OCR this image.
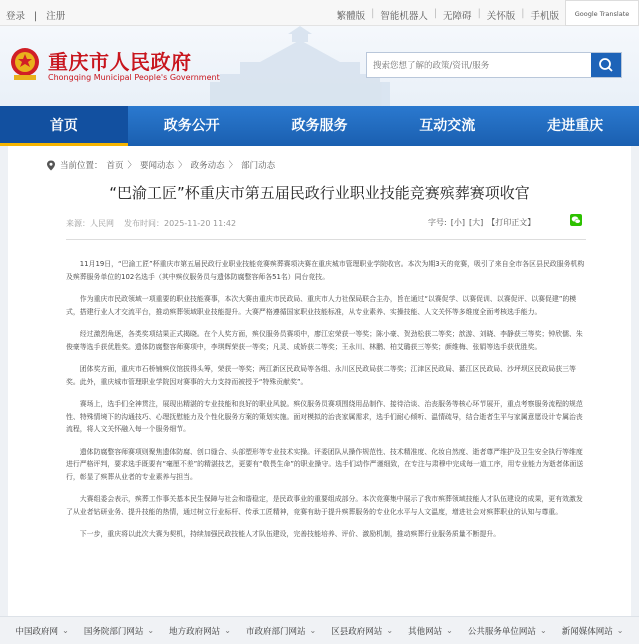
登录 | 注册	繁體版 | 智能机器人 | 无障碍 | 关怀版 | 手机版	Google Translate
重庆市人民政府
Chongqing Municipal People's Government
搜索您想了解的政策/资讯/服务
首页	政务公开	政务服务	互动交流	走进重庆
当前位置： 首页 〉 要闻动态 〉 政务动态 〉 部门动态
“巴渝工匠”杯重庆市第五届民政行业职业技能竞赛殡葬赛项收官
来源：人民网 发布时间：2025-11-20 11:42	字号: [小] [大] 【打印正文】

11月19日，“巴渝工匠”杯重庆市第五届民政行业职业技能竞赛殡葬赛项决赛在重庆城市管理职业学院收官。本次为期3天的竞赛，吸引了来自全市各区县民政服务机构及殡葬服务单位的102名选手（其中殡仪服务员与遗体防腐整容师各51名）同台竞技。

作为重庆市民政领域一项重要的职业技能赛事，本次大赛由重庆市民政局、重庆市人力社保局联合主办，旨在通过“以赛促学、以赛促训、以赛促评、以赛促建”的模式，搭建行业人才交流平台，推动殡葬领域职业技能提升。大赛严格遵循国家职业技能标准，从专业素养、实操技能、人文关怀等多维度全面考核选手能力。

经过激烈角逐，各类奖项结果正式揭晓。在个人奖方面，殡仪服务员赛项中，廖江宏荣获一等奖；陈小豪、贺劲松获二等奖；歆游、刘晓、李静获三等奖；钟欣儒、朱俊豪等选手获优胜奖。遗体防腐整容师赛项中，李琪辉荣获一等奖；凡灵、成娇获二等奖；王永川、林鹏、柏艾璐获三等奖；颜维梅、张娟等选手获优胜奖。

团体奖方面，重庆市石桥铺殡仪馆拔得头筹，荣获一等奖；两江新区民政局等各组、永川区民政局获二等奖；江津区民政局、綦江区民政局、沙坪坝区民政局获三等奖。此外，重庆城市管理职业学院因对赛事的大力支持而被授予“特殊贡献奖”。

赛场上，选手们全神贯注，展现出精湛的专业技能和良好的职业风貌。殡仪服务员赛项围绕用品制作、接待洽谈、治丧服务等核心环节展开，重点考察服务流程的规范性、特殊情境下的沟通技巧、心理抚慰能力及个性化服务方案的策划实施。面对模拟的治丧家属需求，选手们耐心倾听、温情疏导，结合逝者生平与家属意愿设计专属治丧流程，将人文关怀融入每一个服务细节。

遗体防腐整容师赛项则聚焦遗体防腐、创口缝合、头部塑形等专业技术实操。评委团队从操作规范性、技术精准度、化妆自然度、逝者尊严维护及卫生安全执行等维度进行严格评判，要求选手既要有“毫厘不差”的精湛技艺，更要有“敬畏生命”的职业操守。选手们动作严谨细致，在专注与肃穆中完成每一道工序，用专业能力为逝者体面送行，彰显了殡葬从业者的专业素养与担当。

大赛组委会表示，殡葬工作事关基本民生保障与社会和谐稳定，是民政事业的重要组成部分。本次竞赛集中展示了我市殡葬领域技能人才队伍建设的成果，更有效激发了从业者钻研业务、提升技能的热情，通过树立行业标杆、传承工匠精神，竞赛有助于提升殡葬服务的专业化水平与人文温度，增进社会对殡葬职业的认知与尊重。

下一步，重庆将以此次大赛为契机，持续加强民政技能人才队伍建设，完善技能培养、评价、激励机制，推动殡葬行业服务质量不断提升。

中国政府网 ⌄ 国务院部门网站 ⌄ 地方政府网站 ⌄ 市政府部门网站 ⌄ 区县政府网站 ⌄ 其他网站 ⌄ 公共服务单位网站 ⌄ 新闻媒体网站 ⌄
